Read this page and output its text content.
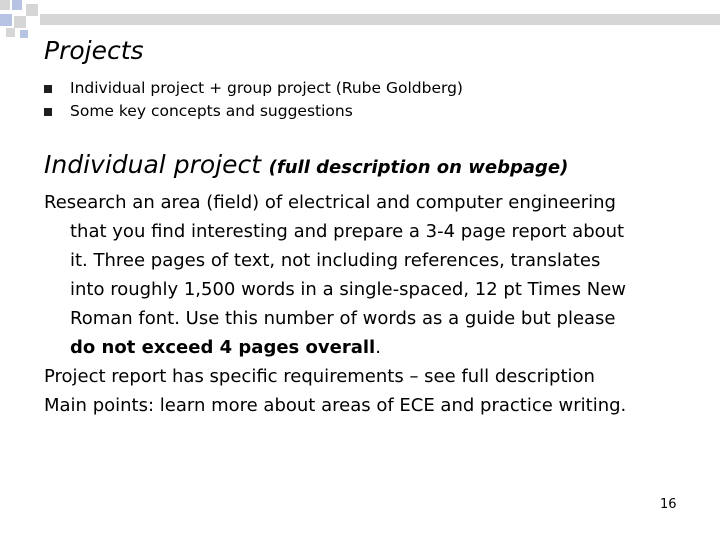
Projects
Individual project + group project (Rube Goldberg)
Some key concepts and suggestions
Individual project (full description on webpage)

Research an area (field) of electrical and computer engineering

that you find interesting and prepare a 3-4 page report about

it. Three pages of text, not including references, translates

into roughly 1,500 words in a single-spaced, 12 pt Times New

Roman font. Use this number of words as a guide but please

do not exceed 4 pages overall.

Project report has specific requirements – see full description

Main points: learn more about areas of ECE and practice writing.

16
